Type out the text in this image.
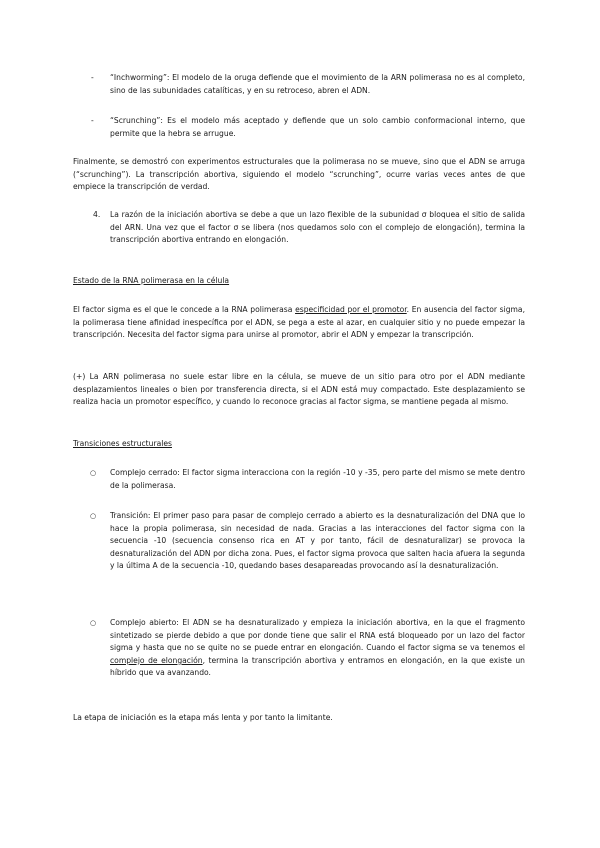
- “Inchworming”: El modelo de la oruga defiende que el movimiento de la ARN polimerasa no es al completo, sino de las subunidades catalíticas, y en su retroceso, abren el ADN.

- “Scrunching”: Es el modelo más aceptado y defiende que un solo cambio conformacional interno, que permite que la hebra se arrugue.

Finalmente, se demostró con experimentos estructurales que la polimerasa no se mueve, sino que el ADN se arruga (“scrunching”). La transcripción abortiva, siguiendo el modelo “scrunching”, ocurre varias veces antes de que empiece la transcripción de verdad.

4. La razón de la iniciación abortiva se debe a que un lazo flexible de la subunidad σ bloquea el sitio de salida del ARN. Una vez que el factor σ se libera (nos quedamos solo con el complejo de elongación), termina la transcripción abortiva entrando en elongación.

Estado de la RNA polimerasa en la célula

El factor sigma es el que le concede a la RNA polimerasa especificidad por el promotor. En ausencia del factor sigma, la polimerasa tiene afinidad inespecífica por el ADN, se pega a este al azar, en cualquier sitio y no puede empezar la transcripción. Necesita del factor sigma para unirse al promotor, abrir el ADN y empezar la transcripción.

(+) La ARN polimerasa no suele estar libre en la célula, se mueve de un sitio para otro por el ADN mediante desplazamientos lineales o bien por transferencia directa, si el ADN está muy compactado. Este desplazamiento se realiza hacia un promotor específico, y cuando lo reconoce gracias al factor sigma, se mantiene pegada al mismo.

Transiciones estructurales

○ Complejo cerrado: El factor sigma interacciona con la región -10 y -35, pero parte del mismo se mete dentro de la polimerasa.

○ Transición: El primer paso para pasar de complejo cerrado a abierto es la desnaturalización del DNA que lo hace la propia polimerasa, sin necesidad de nada. Gracias a las interacciones del factor sigma con la secuencia -10 (secuencia consenso rica en AT y por tanto, fácil de desnaturalizar) se provoca la desnaturalización del ADN por dicha zona. Pues, el factor sigma provoca que salten hacia afuera la segunda y la última A de la secuencia -10, quedando bases desapareadas provocando así la desnaturalización.

○ Complejo abierto: El ADN se ha desnaturalizado y empieza la iniciación abortiva, en la que el fragmento sintetizado se pierde debido a que por donde tiene que salir el RNA está bloqueado por un lazo del factor sigma y hasta que no se quite no se puede entrar en elongación. Cuando el factor sigma se va tenemos el complejo de elongación, termina la transcripción abortiva y entramos en elongación, en la que existe un híbrido que va avanzando.

La etapa de iniciación es la etapa más lenta y por tanto la limitante.
